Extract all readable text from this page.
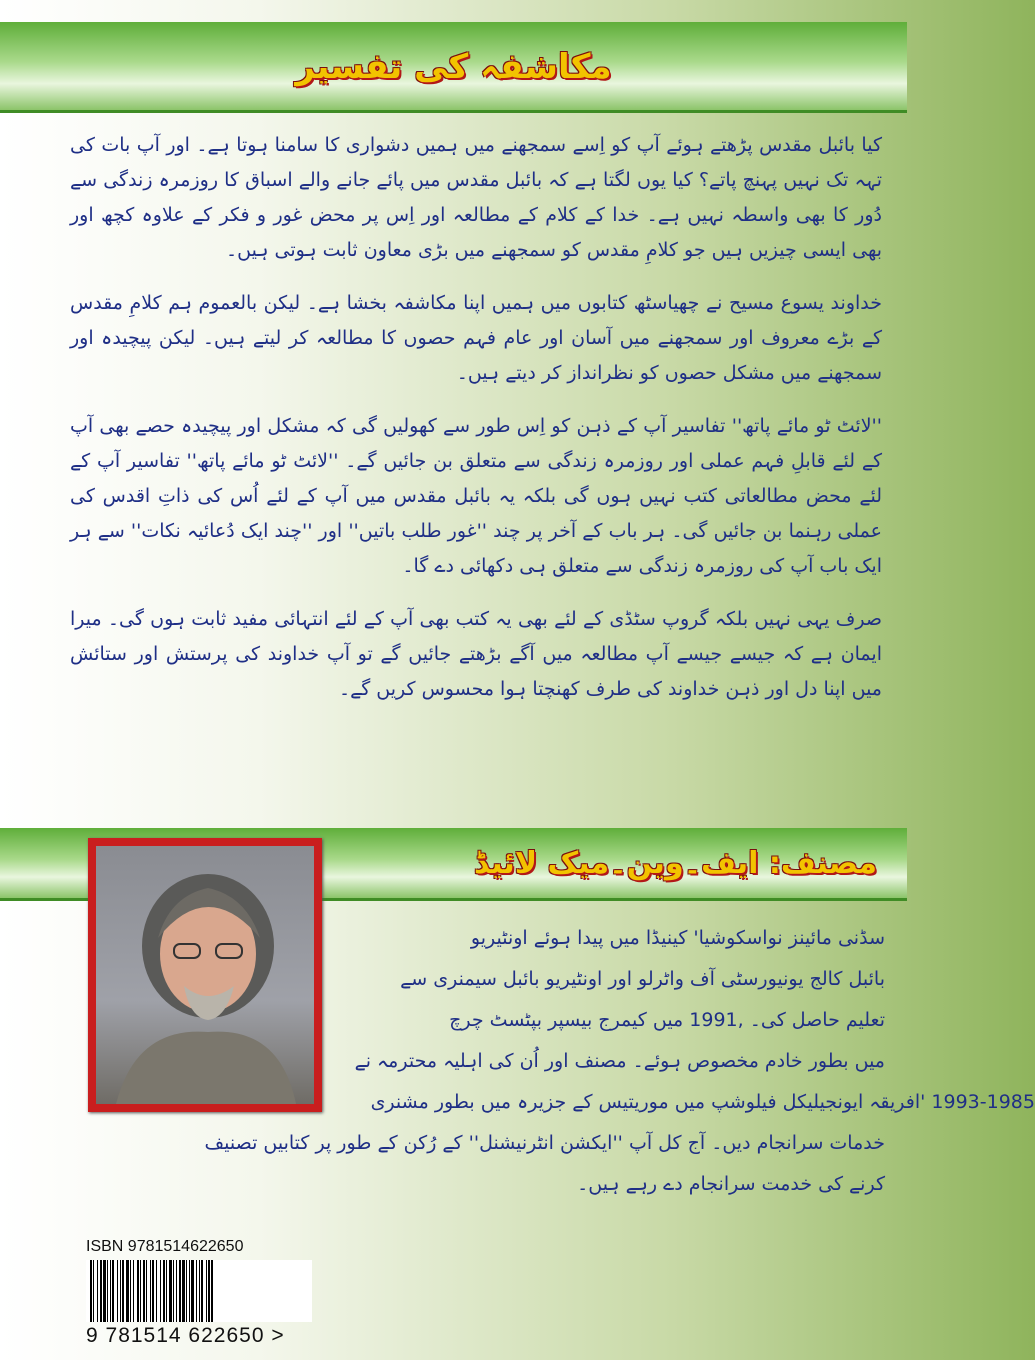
مکاشفہ کی تفسیر

کیا بائبل مقدس پڑھتے ہوئے آپ کو اِسے سمجھنے میں ہمیں دشواری کا سامنا ہوتا ہے۔ اور آپ بات کی تہہ تک نہیں پہنچ پاتے؟ کیا یوں لگتا ہے کہ بائبل مقدس میں پائے جانے والے اسباق کا روزمرہ زندگی سے دُور کا بھی واسطہ نہیں ہے۔ خدا کے کلام کے مطالعہ اور اِس پر محض غور و فکر کے علاوہ کچھ اور بھی ایسی چیزیں ہیں جو کلامِ مقدس کو سمجھنے میں بڑی معاون ثابت ہوتی ہیں۔

خداوند یسوع مسیح نے چھیاسٹھ کتابوں میں ہمیں اپنا مکاشفہ بخشا ہے۔ لیکن بالعموم ہم کلامِ مقدس کے بڑے معروف اور سمجھنے میں آسان اور عام فہم حصوں کا مطالعہ کر لیتے ہیں۔ لیکن پیچیدہ اور سمجھنے میں مشکل حصوں کو نظرانداز کر دیتے ہیں۔

''لائٹ ٹو مائے پاتھ'' تفاسیر آپ کے ذہن کو اِس طور سے کھولیں گی کہ مشکل اور پیچیدہ حصے بھی آپ کے لئے قابلِ فہم عملی اور روزمرہ زندگی سے متعلق بن جائیں گے۔ ''لائٹ ٹو مائے پاتھ'' تفاسیر آپ کے لئے محض مطالعاتی کتب نہیں ہوں گی بلکہ یہ بائبل مقدس میں آپ کے لئے اُس کی ذاتِ اقدس کی عملی رہنما بن جائیں گی۔ ہر باب کے آخر پر چند ''غور طلب باتیں'' اور ''چند ایک دُعائیہ نکات'' سے ہر ایک باب آپ کی روزمرہ زندگی سے متعلق ہی دکھائی دے گا۔

صرف یہی نہیں بلکہ گروپ سٹڈی کے لئے بھی یہ کتب بھی آپ کے لئے انتہائی مفید ثابت ہوں گی۔ میرا ایمان ہے کہ جیسے جیسے آپ مطالعہ میں آگے بڑھتے جائیں گے تو آپ خداوند کی پرستش اور ستائش میں اپنا دل اور ذہن خداوند کی طرف کھنچتا ہوا محسوس کریں گے۔

مصنف: ایف۔وین۔میک لائیڈ

سڈنی مائینز نواسکوشیا' کینیڈا میں پیدا ہوئے اونٹیریو

بائبل کالج یونیورسٹی آف واٹرلو اور اونٹیریو بائبل سیمنری سے

تعلیم حاصل کی۔ ,1991 میں کیمرج بیسپر بپٹسٹ چرچ

میں بطور خادم مخصوص ہوئے۔ مصنف اور اُن کی اہلیہ محترمہ نے

1993-1985 'افریقہ ایونجیلیکل فیلوشپ میں موریتیس کے جزیرہ میں بطور مشنری

خدمات سرانجام دیں۔ آج کل آپ ''ایکشن انٹرنیشنل'' کے رُکن کے طور پر کتابیں تصنیف

کرنے کی خدمت سرانجام دے رہے ہیں۔

ISBN 9781514622650
9 781514 622650 >
